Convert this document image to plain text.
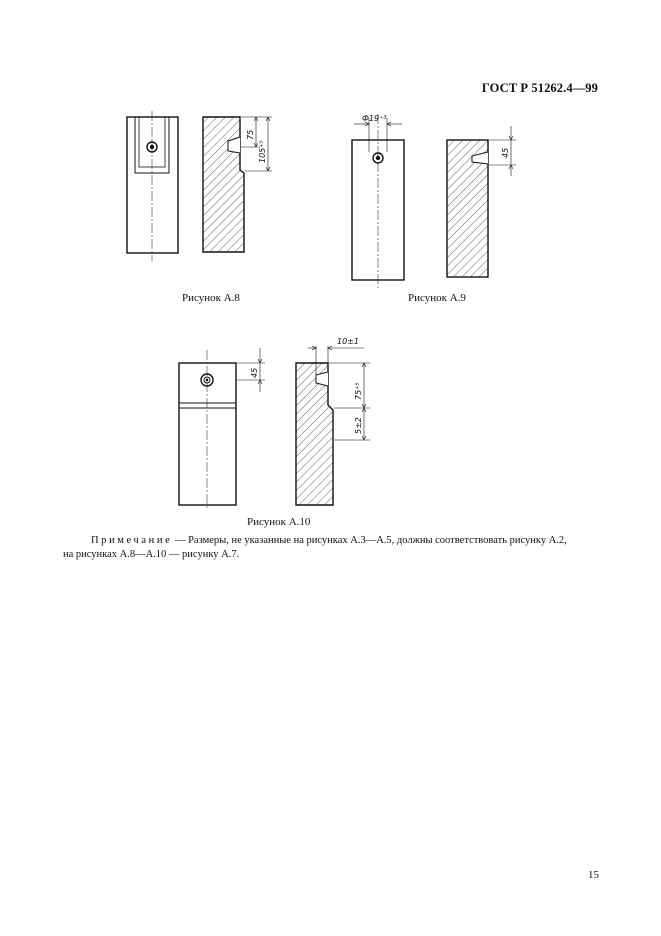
ГОСТ Р 51262.4—99
75
105⁺⁵
Рисунок А.8
Ф19⁺³
45
Рисунок А.9
45
10±1
75⁺⁵
5±2
Рисунок А.10
Примечание — Размеры, не указанные на рисунках А.3—А.5, должны соответствовать рисунку А.2,
на рисунках А.8—А.10 — рисунку А.7.
15
